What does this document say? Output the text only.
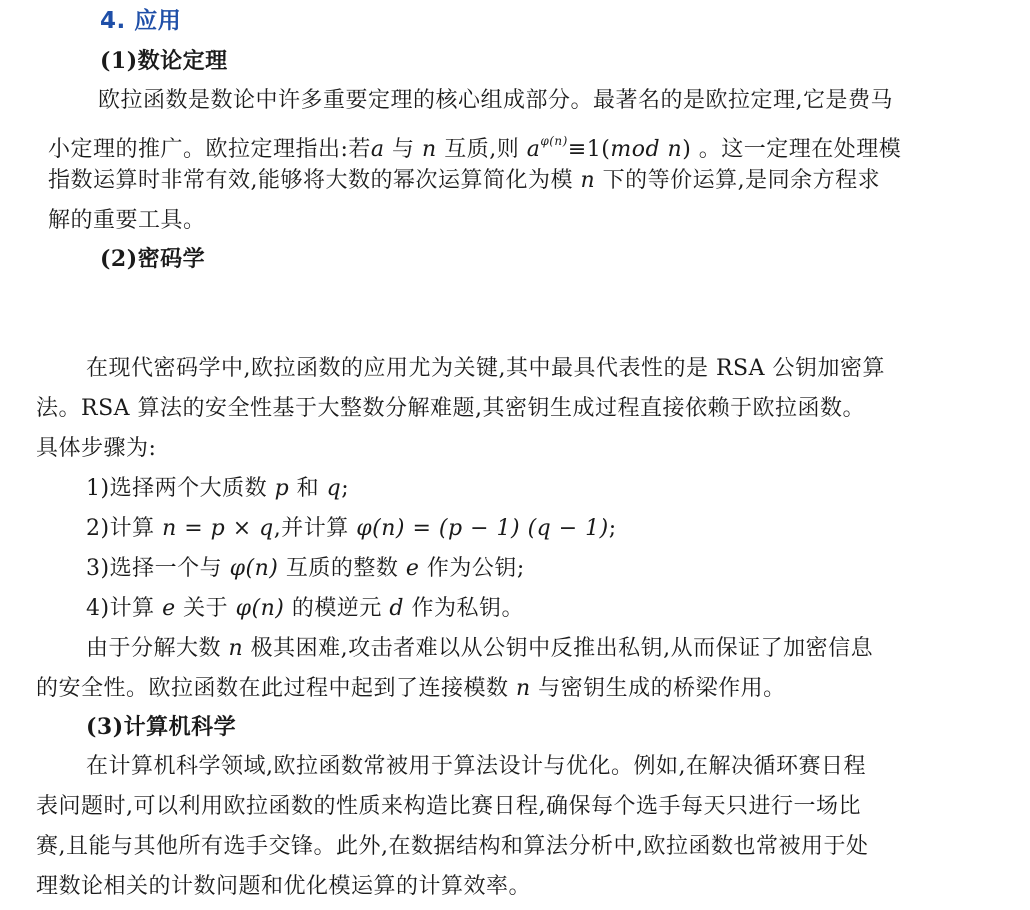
4. 应用
(1)数论定理
欧拉函数是数论中许多重要定理的核心组成部分。最著名的是欧拉定理,它是费马
小定理的推广。欧拉定理指出:若a 与 n 互质,则 $a^{\varphi(n)}\equiv 1(mod$ n) 。这一定理在处理模
指数运算时非常有效,能够将大数的幂次运算简化为模 n 下的等价运算,是同余方程求
解的重要工具。
(2)密码学
在现代密码学中,欧拉函数的应用尤为关键,其中最具代表性的是 RSA 公钥加密算
法。RSA 算法的安全性基于大整数分解难题,其密钥生成过程直接依赖于欧拉函数。
具体步骤为:
1)选择两个大质数 p 和 q;
2)计算 n = p × q,并计算 φ(n) = (p − 1) (q − 1);
3)选择一个与 φ(n) 互质的整数 e 作为公钥;
4)计算 e 关于 φ(n) 的模逆元 d 作为私钥。
由于分解大数 n 极其困难,攻击者难以从公钥中反推出私钥,从而保证了加密信息
的安全性。欧拉函数在此过程中起到了连接模数 n 与密钥生成的桥梁作用。
(3)计算机科学
在计算机科学领域,欧拉函数常被用于算法设计与优化。例如,在解决循环赛日程
表问题时,可以利用欧拉函数的性质来构造比赛日程,确保每个选手每天只进行一场比
赛,且能与其他所有选手交锋。此外,在数据结构和算法分析中,欧拉函数也常被用于处
理数论相关的计数问题和优化模运算的计算效率。
